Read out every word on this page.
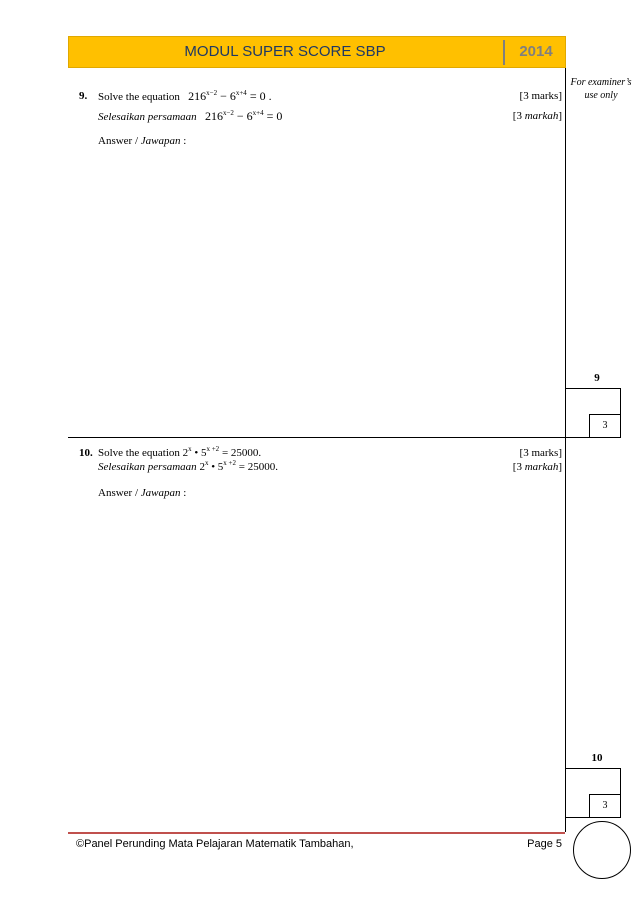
MODUL SUPER SCORE SBP	2014
For examiner’s use only
9. Solve the equation $216^{x-2} - 6^{x+4} = 0$ .	[3 marks]
Selesaikan persamaan $216^{x-2} - 6^{x+4} = 0$	[3 markah]
Answer / Jawapan :
9
3
10. Solve the equation 2$^x$ • $5^{x +2} = 25000$.	[3 marks]
Selesaikan persamaan 2$^x$ • $5^{x +2} = 25000$.	[3 markah]
Answer / Jawapan :
10
3
©Panel Perunding Mata Pelajaran Matematik Tambahan,	Page 5
